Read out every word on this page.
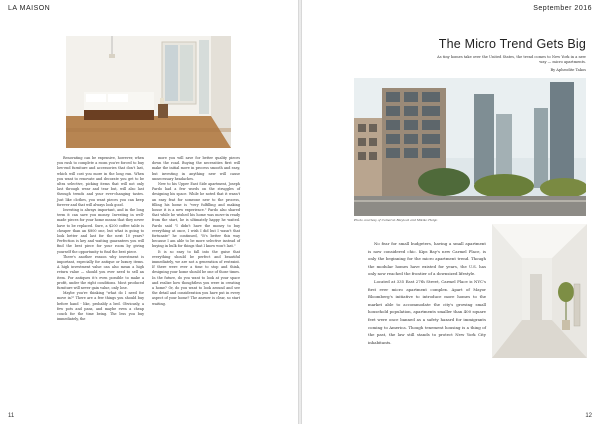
LA MAISON

Renovating can be expensive, however, when you rush to complete a room you're forced to buy low-end furniture and accessories that don't last, which will cost you more in the long run. When you want to renovate and decorate you get to be ultra selective, picking items that will not only last through wear and tear but, will also last through trends and your ever-changing tastes. Just like clothes, you want pieces you can keep forever and that will always look good.

Investing is always important, and in the long term it can save you money. Investing in well-made pieces for your home means that they never have to be replaced. Sure, a $200 coffee table is cheaper than an $800 one, but what is going to look better and last for the next 10 years? Perfection is key and waiting guarantees you will find the best piece for your room by giving yourself the opportunity to find the best piece.

There's another reason why investment is important, especially for antique or luxury items. A high investment value can also mean a high return value — should you ever need to sell an item. For antiques it's even possible to make a profit, under the right conditions. Most produced furniture will never gain value, only lose.

Maybe you're thinking "what do I need for move in?" There are a few things you should buy before hand - like, probably a bed. Obviously, a few pots and pans, and maybe even a cheap couch for the time being. The less you buy immediately, the

more you will save for better quality pieces down the road. Buying the necessities first will make the initial move in process smooth and easy, but investing in anything new will cause unnecessary headaches.

New to his Upper East Side apartment, Joseph Pardo had a few words on the struggles of designing his space. While he noted that it wasn't an easy feat for someone new to the process, filling his home is "very fulfilling and making house it is a new experience." Pardo also shared that while he wished his home was move-in ready from the start, he is ultimately happy he waited. Pardo said "I didn't have the money to buy everything at once, I wish I did but I wasn't that fortunate" he continued, "It's better this way because I am able to be more selective instead of buying in bulk for things that I know won't last."

It is so easy to fall into the guise that everything should be perfect and beautiful immediately, we are not a generation of restraint. If there were ever a time to stop and think, designing your home should be one of those times. In the future, do you want to look at your space and realize how thoughtless you were in creating a home? Or, do you want to look around and see the detail and consideration you have put in every aspect of your home? The answer is clear, so start waiting.

11
September 2016
The Micro Trend Gets Big
As tiny homes take over the United States, the trend comes to New York in a new way — micro apartments.
By Aphrodite Takos
Photo courtesy of Cameron Blaylock and Mikiko Hanjo

No fear for small budgeters, having a small apartment is now considered chic. Kips Bay's new Carmel Place, is only the beginning for the micro apartment trend. Though the modular homes have existed for years, the U.S. has only now reached the frontier of a downsized lifestyle.

Located at 335 East 27th Street, Carmel Place is NYC's first ever micro apartment complex. Apart of Mayor Bloomberg's initiative to introduce more homes to the market able to accommodate the city's growing small household population, apartments smaller than 400 square feet were once banned as a safety hazard for immigrants coming to America. Though tenement housing is a thing of the past, the law still stands to protect New York City inhabitants.

12
